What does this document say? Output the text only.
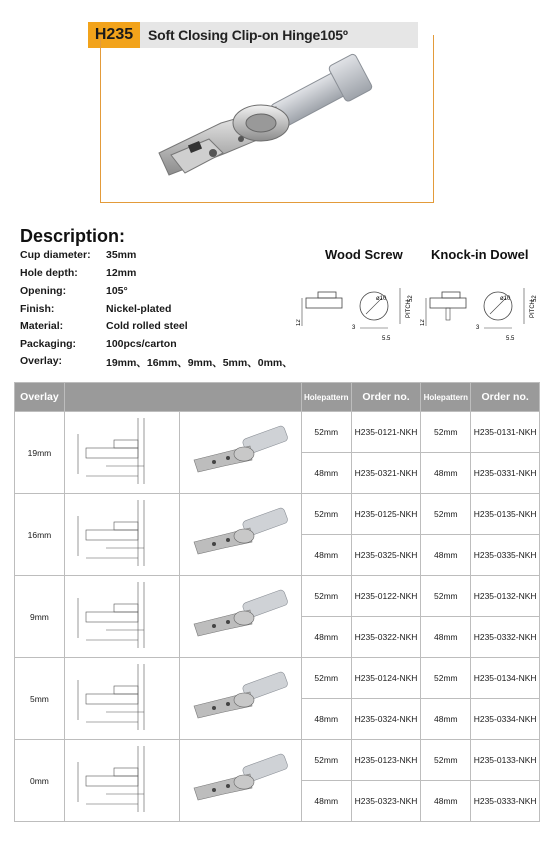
H235	Soft Closing Clip-on Hinge105º
Description:
Cup diameter: 35mm
Hole depth:	12mm
Opening:	105°
Finish:	Nickel-plated
Material:	Cold rolled steel
Packaging:	100pcs/carton
Overlay:	19mm、16mm、9mm、5mm、0mm、
Wood Screw Knock-in Dowel
12
ø10
3
5.5
PITCH
52
12
ø10
3
5.5
PITCH
52
Overlay			Holepattern	Order no.	Holepattern	Order no.
19mm			52mm	H235-0121-NKH	52mm	H235-0131-NKH
			48mm	H235-0321-NKH	48mm	H235-0331-NKH
16mm			52mm	H235-0125-NKH	52mm	H235-0135-NKH
			48mm	H235-0325-NKH	48mm	H235-0335-NKH
9mm			52mm	H235-0122-NKH	52mm	H235-0132-NKH
			48mm	H235-0322-NKH	48mm	H235-0332-NKH
5mm			52mm	H235-0124-NKH	52mm	H235-0134-NKH
			48mm	H235-0324-NKH	48mm	H235-0334-NKH
0mm			52mm	H235-0123-NKH	52mm	H235-0133-NKH
			48mm	H235-0323-NKH	48mm	H235-0333-NKH
